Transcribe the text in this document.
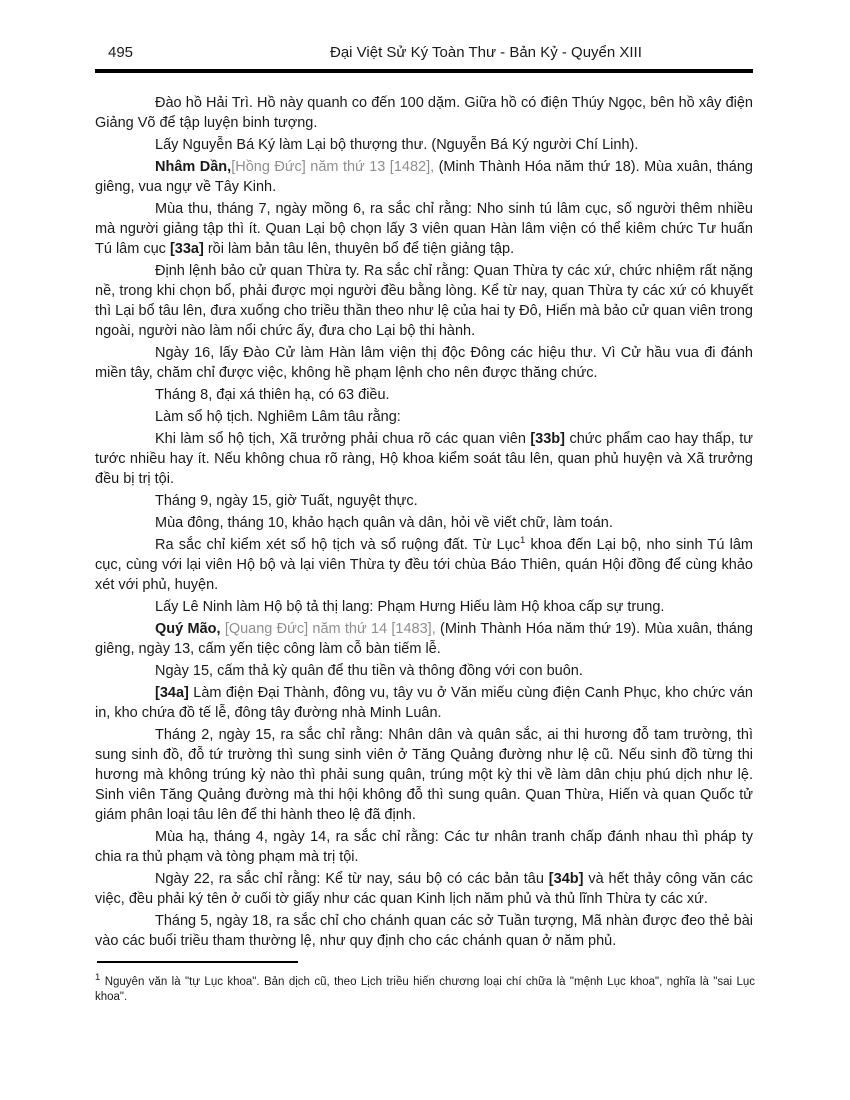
495	Đại Việt Sử Ký Toàn Thư - Bản Kỷ - Quyển XIII

Đào hồ Hải Trì. Hồ này quanh co đến 100 dặm. Giữa hồ có điện Thúy Ngọc, bên hồ xây điện Giảng Võ để tập luyện binh tượng.

Lấy Nguyễn Bá Ký làm Lại bộ thượng thư. (Nguyễn Bá Ký người Chí Linh).

Nhâm Dần,[Hồng Đức] năm thứ 13 [1482], (Minh Thành Hóa năm thứ 18). Mùa xuân, tháng giêng, vua ngự về Tây Kinh.

Mùa thu, tháng 7, ngày mồng 6, ra sắc chỉ rằng: Nho sinh tú lâm cục, số người thêm nhiều mà người giảng tập thì ít. Quan Lại bộ chọn lấy 3 viên quan Hàn lâm viện có thể kiêm chức Tư huấn Tú lâm cục [33a] rồi làm bản tâu lên, thuyên bổ để tiện giảng tập.

Định lệnh bảo cử quan Thừa ty. Ra sắc chỉ rằng: Quan Thừa ty các xứ, chức nhiệm rất nặng nề, trong khi chọn bổ, phải được mọi người đều bằng lòng. Kể từ nay, quan Thừa ty các xứ có khuyết thì Lại bổ tâu lên, đưa xuống cho triều thần theo như lệ của hai ty Đô, Hiến mà bảo cử quan viên trong ngoài, người nào làm nổi chức ấy, đưa cho Lại bộ thi hành.

Ngày 16, lấy Đào Cử làm Hàn lâm viện thị độc Đông các hiệu thư. Vì Cử hầu vua đi đánh miền tây, chăm chỉ được việc, không hề phạm lệnh cho nên được thăng chức.

Tháng 8, đại xá thiên hạ, có 63 điều.

Làm sổ hộ tịch. Nghiêm Lâm tâu rằng:

Khi làm sổ hộ tịch, Xã trưởng phải chua rõ các quan viên [33b] chức phẩm cao hay thấp, tư tước nhiều hay ít. Nếu không chua rõ ràng, Hộ khoa kiểm soát tâu lên, quan phủ huyện và Xã trưởng đều bị trị tội.

Tháng 9, ngày 15, giờ Tuất, nguyệt thực.

Mùa đông, tháng 10, khảo hạch quân và dân, hỏi về viết chữ, làm toán.

Ra sắc chỉ kiểm xét sổ hộ tịch và sổ ruộng đất. Từ Lục$^1$ khoa đến Lại bộ, nho sinh Tú lâm cục, cùng với lại viên Hộ bộ và lại viên Thừa ty đều tới chùa Báo Thiên, quán Hội đồng để cùng khảo xét với phủ, huyện.

Lấy Lê Ninh làm Hộ bộ tả thị lang: Phạm Hưng Hiếu làm Hộ khoa cấp sự trung.

Quý Mão, [Quang Đức] năm thứ 14 [1483], (Minh Thành Hóa năm thứ 19). Mùa xuân, tháng giêng, ngày 13, cấm yến tiệc công làm cỗ bàn tiếm lễ.

Ngày 15, cấm thả kỳ quân để thu tiền và thông đồng với con buôn.

[34a] Làm điện Đại Thành, đông vu, tây vu ở Văn miếu cùng điện Canh Phục, kho chức ván in, kho chứa đồ tế lễ, đông tây đường nhà Minh Luân.

Tháng 2, ngày 15, ra sắc chỉ rằng: Nhân dân và quân sắc, ai thi hương đỗ tam trường, thì sung sinh đồ, đỗ tứ trường thì sung sinh viên ở Tăng Quảng đường như lệ cũ. Nếu sinh đồ từng thi hương mà không trúng kỳ nào thì phải sung quân, trúng một kỳ thi về làm dân chịu phú dịch như lệ. Sinh viên Tăng Quảng đường mà thi hội không đỗ thì sung quân. Quan Thừa, Hiến và quan Quốc tử giám phân loại tâu lên để thi hành theo lệ đã định.

Mùa hạ, tháng 4, ngày 14, ra sắc chỉ rằng: Các tư nhân tranh chấp đánh nhau thì pháp ty chia ra thủ phạm và tòng phạm mà trị tội.

Ngày 22, ra sắc chỉ rằng: Kể từ nay, sáu bộ có các bản tâu [34b] và hết thảy công văn các việc, đều phải ký tên ở cuối tờ giấy như các quan Kinh lịch năm phủ và thủ lĩnh Thừa ty các xứ.

Tháng 5, ngày 18, ra sắc chỉ cho chánh quan các sở Tuần tượng, Mã nhàn được đeo thẻ bài vào các buổi triều tham thường lệ, như quy định cho các chánh quan ở năm phủ.

$^1$ Nguyên văn là "tự Lục khoa". Bản dịch cũ, theo Lịch triều hiến chương loại chí chữa là "mệnh Lục khoa", nghĩa là "sai Lục khoa".
